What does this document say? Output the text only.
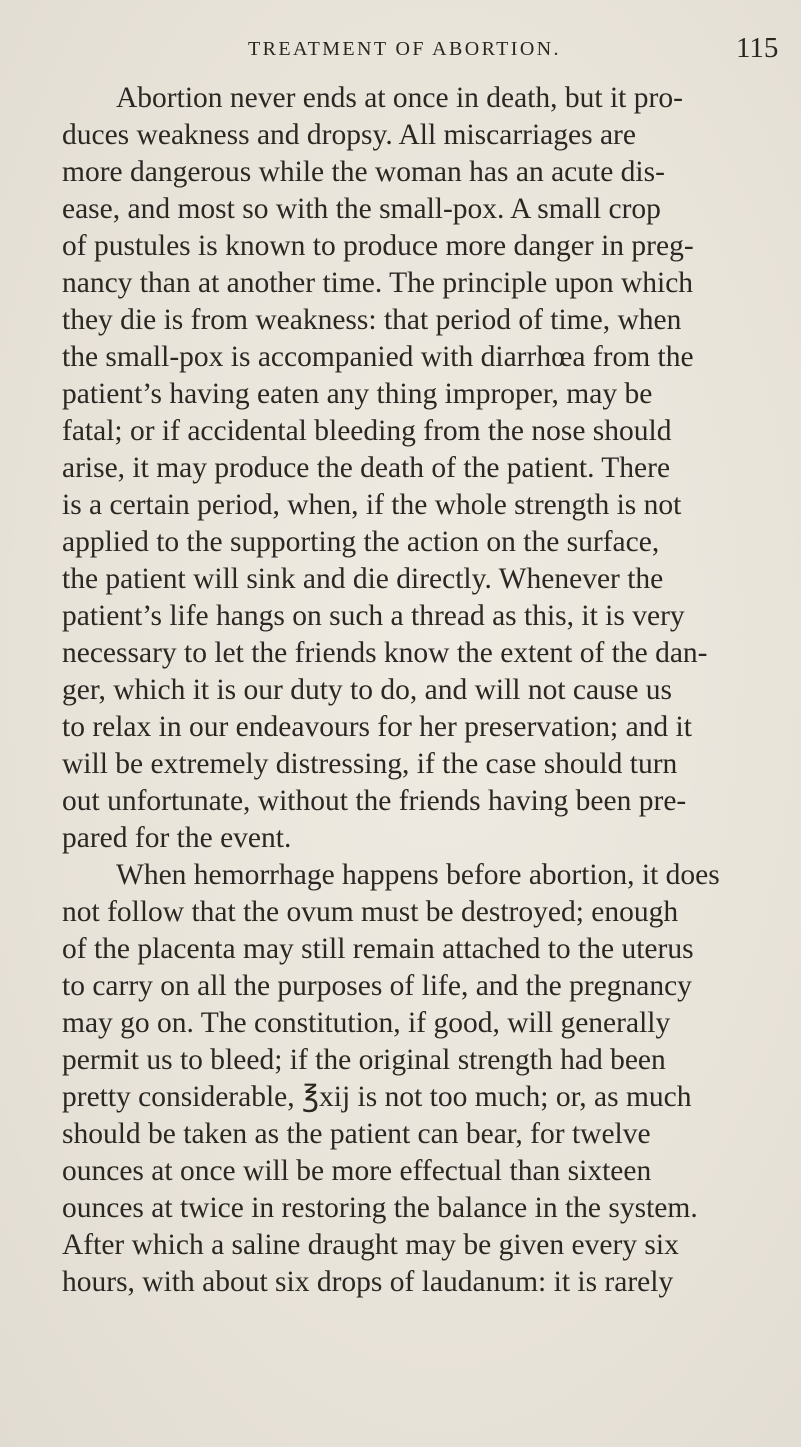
TREATMENT OF ABORTION.	115
Abortion never ends at once in death, but it pro-
duces weakness and dropsy. All miscarriages are
more dangerous while the woman has an acute dis-
ease, and most so with the small-pox. A small crop
of pustules is known to produce more danger in preg-
nancy than at another time. The principle upon which
they die is from weakness: that period of time, when
the small-pox is accompanied with diarrhœa from the
patient’s having eaten any thing improper, may be
fatal; or if accidental bleeding from the nose should
arise, it may produce the death of the patient. There
is a certain period, when, if the whole strength is not
applied to the supporting the action on the surface,
the patient will sink and die directly. Whenever the
patient’s life hangs on such a thread as this, it is very
necessary to let the friends know the extent of the dan-
ger, which it is our duty to do, and will not cause us
to relax in our endeavours for her preservation; and it
will be extremely distressing, if the case should turn
out unfortunate, without the friends having been pre-
pared for the event.
When hemorrhage happens before abortion, it does
not follow that the ovum must be destroyed; enough
of the placenta may still remain attached to the uterus
to carry on all the purposes of life, and the pregnancy
may go on. The constitution, if good, will generally
permit us to bleed; if the original strength had been
pretty considerable, ℥xij is not too much; or, as much
should be taken as the patient can bear, for twelve
ounces at once will be more effectual than sixteen
ounces at twice in restoring the balance in the system.
After which a saline draught may be given every six
hours, with about six drops of laudanum: it is rarely
